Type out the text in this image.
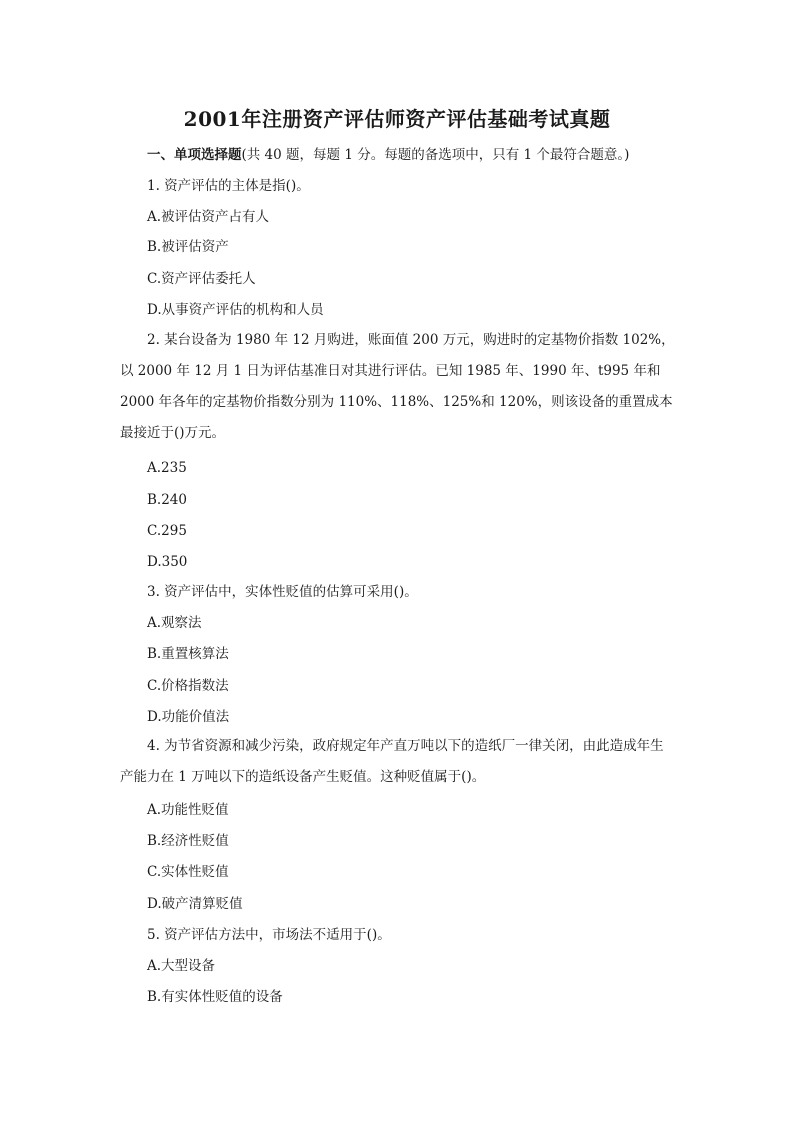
2001年注册资产评估师资产评估基础考试真题
一、单项选择题(共 40 题，每题 1 分。每题的备选项中，只有 1 个最符合题意。)
1. 资产评估的主体是指()。
A.被评估资产占有人
B.被评估资产
C.资产评估委托人
D.从事资产评估的机构和人员
2. 某台设备为 1980 年 12 月购进，账面值 200 万元，购进时的定基物价指数 102%，以 2000 年 12 月 1 日为评估基准日对其进行评估。已知 1985 年、1990 年、t995 年和 2000 年各年的定基物价指数分别为 110%、118%、125%和 120%，则该设备的重置成本最接近于()万元。
A.235
B.240
C.295
D.350
3. 资产评估中，实体性贬值的估算可采用()。
A.观察法
B.重置核算法
C.价格指数法
D.功能价值法
4. 为节省资源和减少污染，政府规定年产直万吨以下的造纸厂一律关闭，由此造成年生产能力在 1 万吨以下的造纸设备产生贬值。这种贬值属于()。
A.功能性贬值
B.经济性贬值
C.实体性贬值
D.破产清算贬值
5. 资产评估方法中，市场法不适用于()。
A.大型设备
B.有实体性贬值的设备
